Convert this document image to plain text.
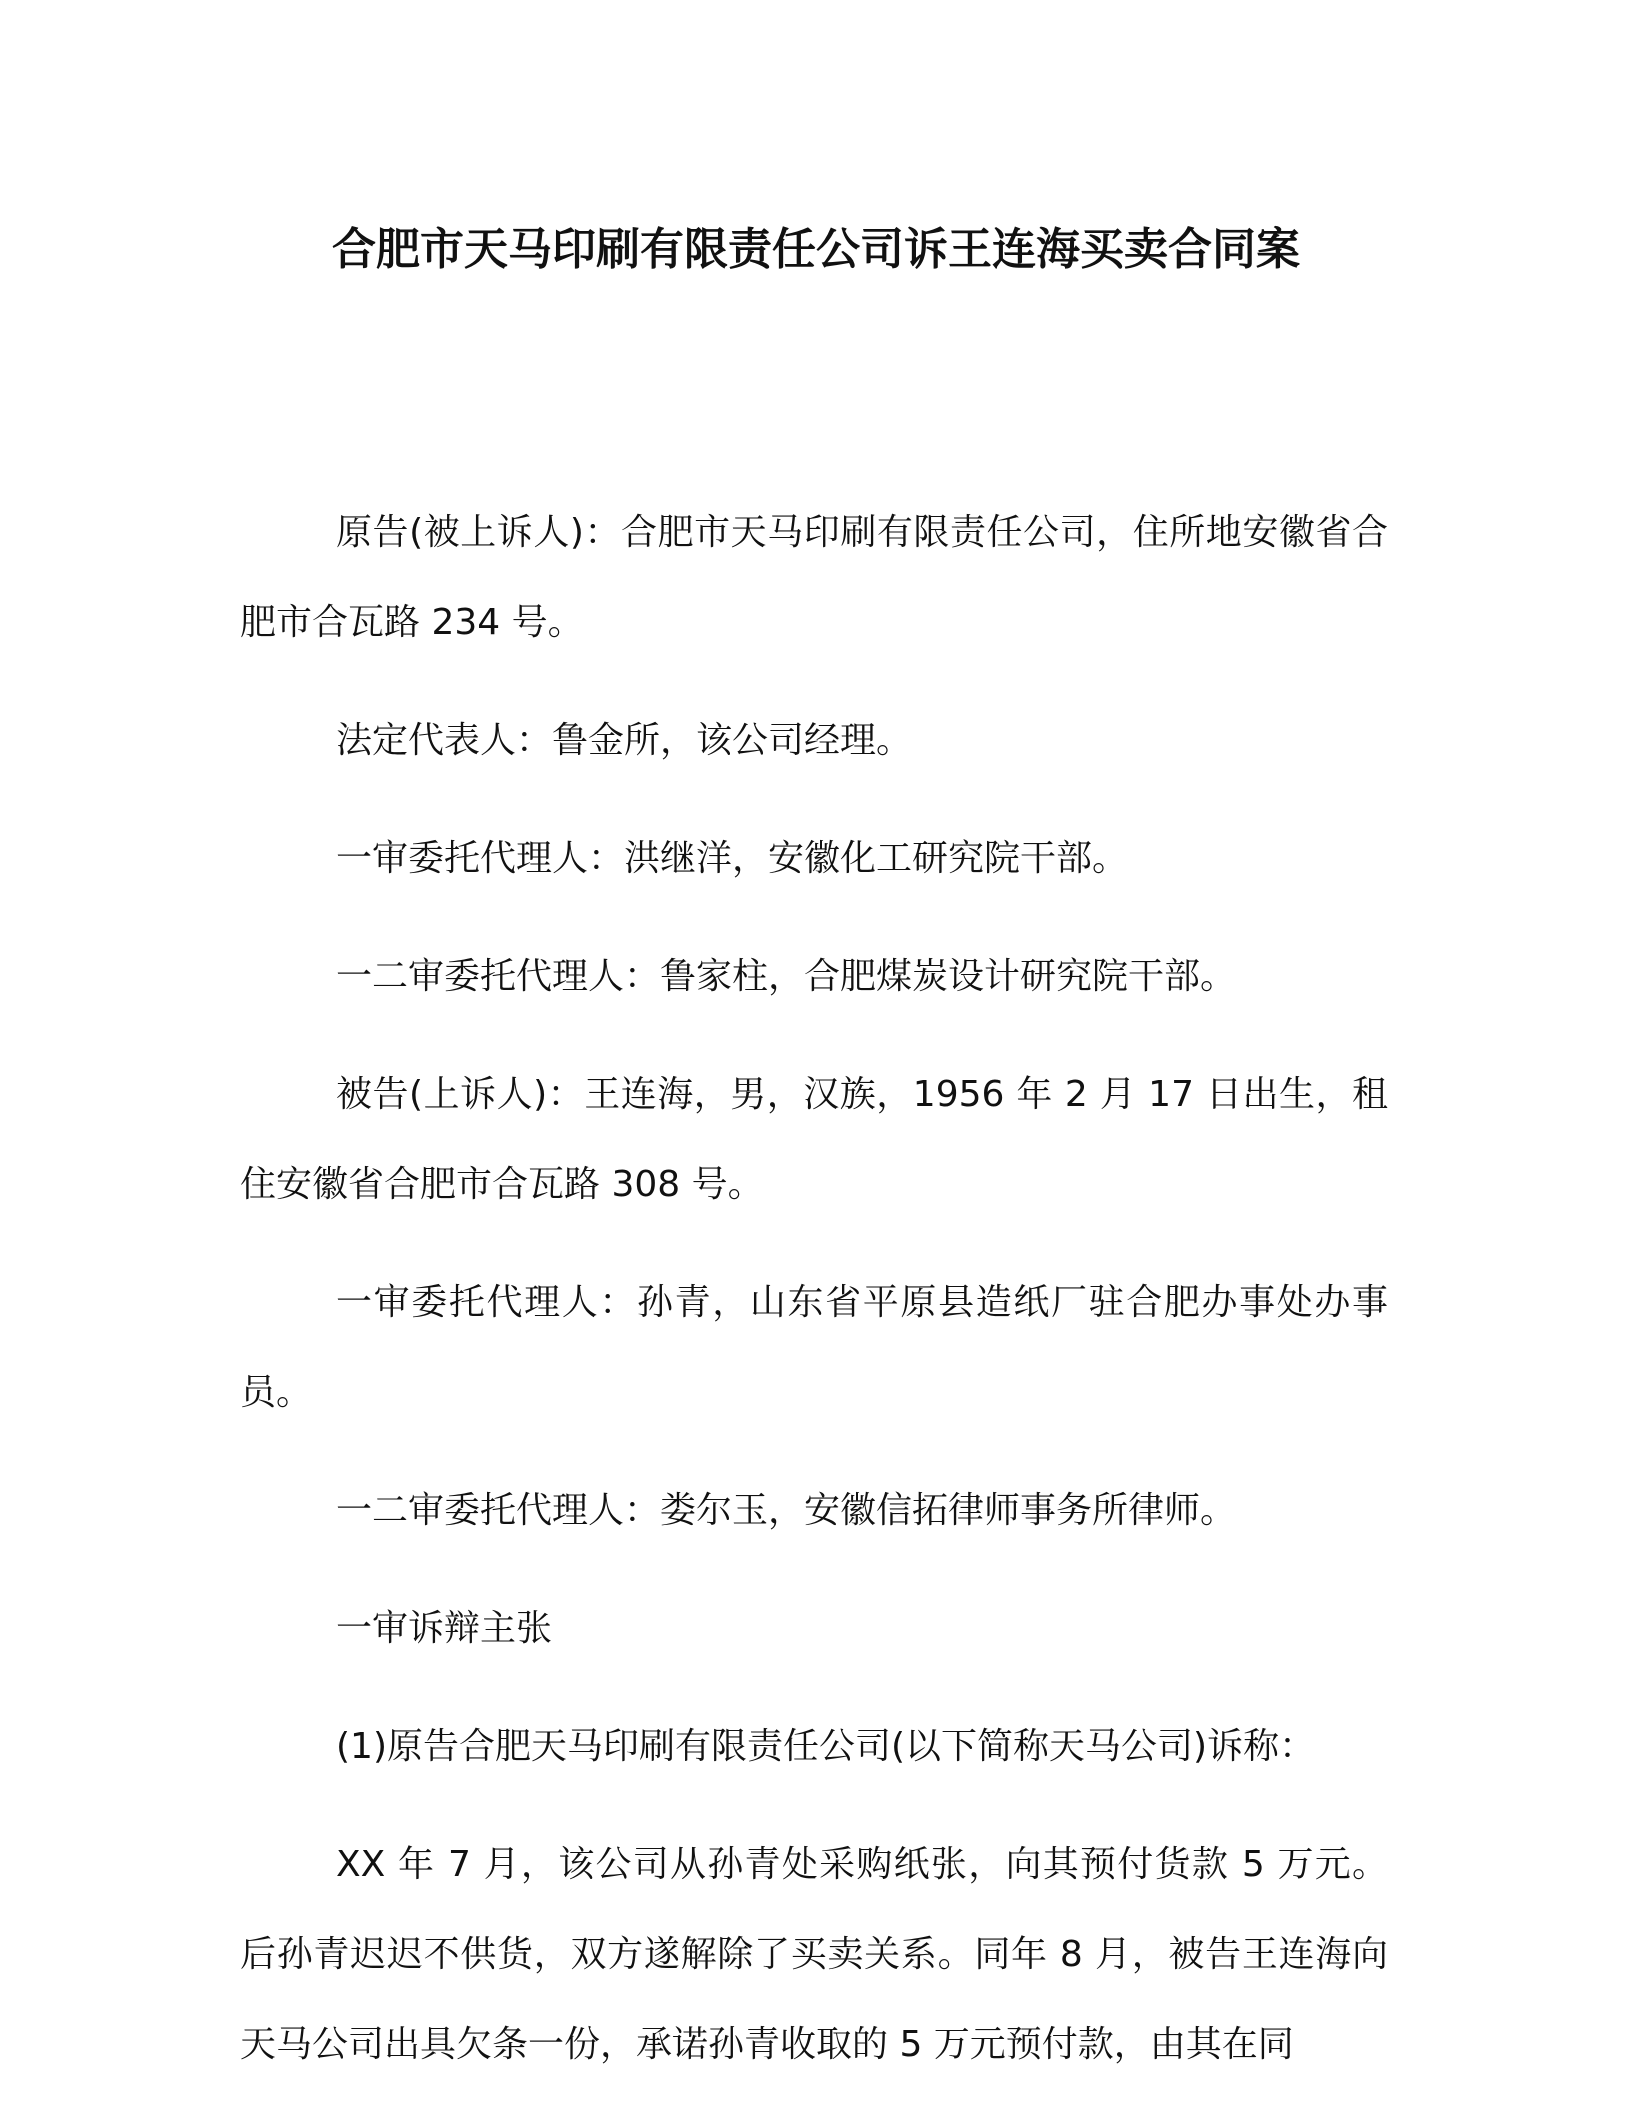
合肥市天马印刷有限责任公司诉王连海买卖合同案

原告(被上诉人)：合肥市天马印刷有限责任公司，住所地安徽省合肥市合瓦路 234 号。

法定代表人：鲁金所，该公司经理。

一审委托代理人：洪继洋，安徽化工研究院干部。

一二审委托代理人：鲁家柱，合肥煤炭设计研究院干部。

被告(上诉人)：王连海，男，汉族，1956 年 2 月 17 日出生，租住安徽省合肥市合瓦路 308 号。

一审委托代理人：孙青，山东省平原县造纸厂驻合肥办事处办事员。

一二审委托代理人：娄尔玉，安徽信拓律师事务所律师。

一审诉辩主张

(1)原告合肥天马印刷有限责任公司(以下简称天马公司)诉称：

XX 年 7 月，该公司从孙青处采购纸张，向其预付货款 5 万元。后孙青迟迟不供货，双方遂解除了买卖关系。同年 8 月，被告王连海向天马公司出具欠条一份，承诺孙青收取的 5 万元预付款，由其在同
